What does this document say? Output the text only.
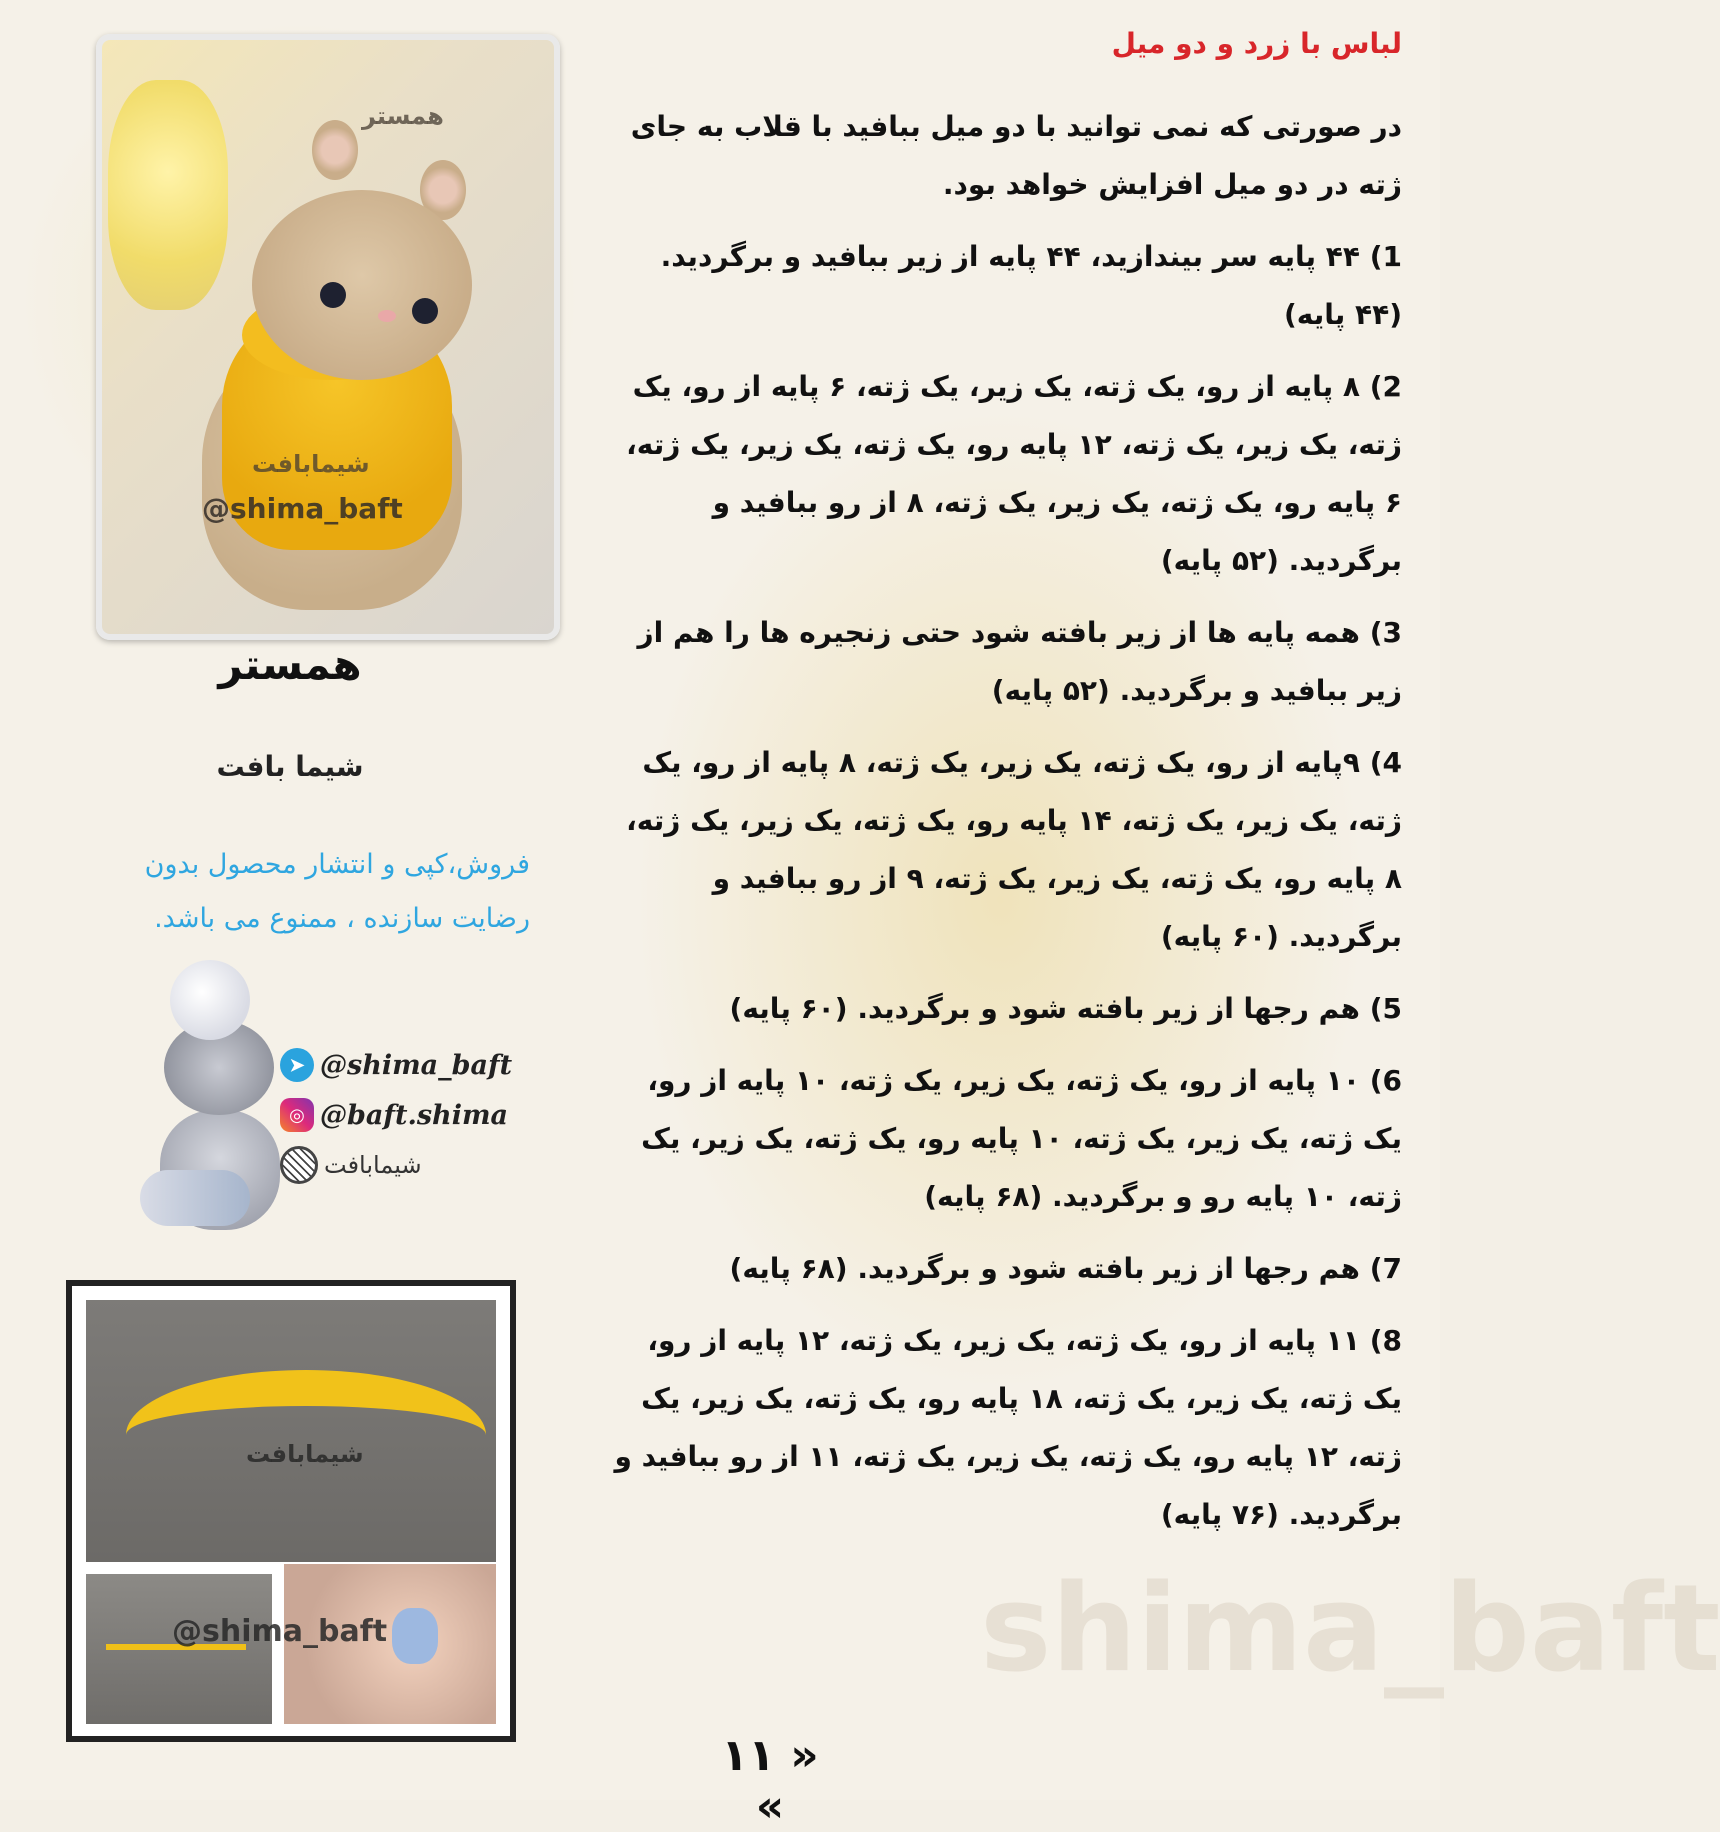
shima_baft
همستر
شیمابافت
@shima_baft
همستر
شیما بافت
فروش،کپی و انتشار محصول بدون رضایت سازنده ، ممنوع می باشد.
➤ @shima_baft
◎ @baft.shima
شیمابافت
شیمابافت
@shima_baft
لباس با زرد و دو میل
در صورتی که نمی توانید با دو میل ببافید با قلاب به جای ژته در دو میل افزایش خواهد بود.
1) ۴۴ پایه سر بیندازید، ۴۴ پایه از زیر ببافید و برگردید. (۴۴ پایه)
2) ۸ پایه از رو، یک ژته، یک زیر، یک ژته، ۶ پایه از رو، یک ژته، یک زیر، یک ژته، ۱۲ پایه رو، یک ژته، یک زیر، یک ژته، ۶ پایه رو، یک ژته، یک زیر، یک ژته، ۸ از رو ببافید و برگردید. (۵۲ پایه)
3) همه پایه ها از زیر بافته شود حتی زنجیره ها را هم از زیر ببافید و برگردید. (۵۲ پایه)
4) ۹پایه از رو، یک ژته، یک زیر، یک ژته، ۸ پایه از رو، یک ژته، یک زیر، یک ژته، ۱۴ پایه رو، یک ژته، یک زیر، یک ژته، ۸ پایه رو، یک ژته، یک زیر، یک ژته، ۹ از رو ببافید و برگردید. (۶۰ پایه)
5) هم رجها از زیر بافته شود و برگردید. (۶۰ پایه)
6) ۱۰ پایه از رو، یک ژته، یک زیر، یک ژته، ۱۰ پایه از رو، یک ژته، یک زیر، یک ژته، ۱۰ پایه رو، یک ژته، یک زیر، یک ژته، ۱۰ پایه رو و برگردید. (۶۸ پایه)
7) هم رجها از زیر بافته شود و برگردید. (۶۸ پایه)
8) ۱۱ پایه از رو، یک ژته، یک زیر، یک ژته، ۱۲ پایه از رو، یک ژته، یک زیر، یک ژته، ۱۸ پایه رو، یک ژته، یک زیر، یک ژته، ۱۲ پایه رو، یک ژته، یک زیر، یک ژته، ۱۱ از رو ببافید و برگردید. (۷۶ پایه)
« ۱۱ »
